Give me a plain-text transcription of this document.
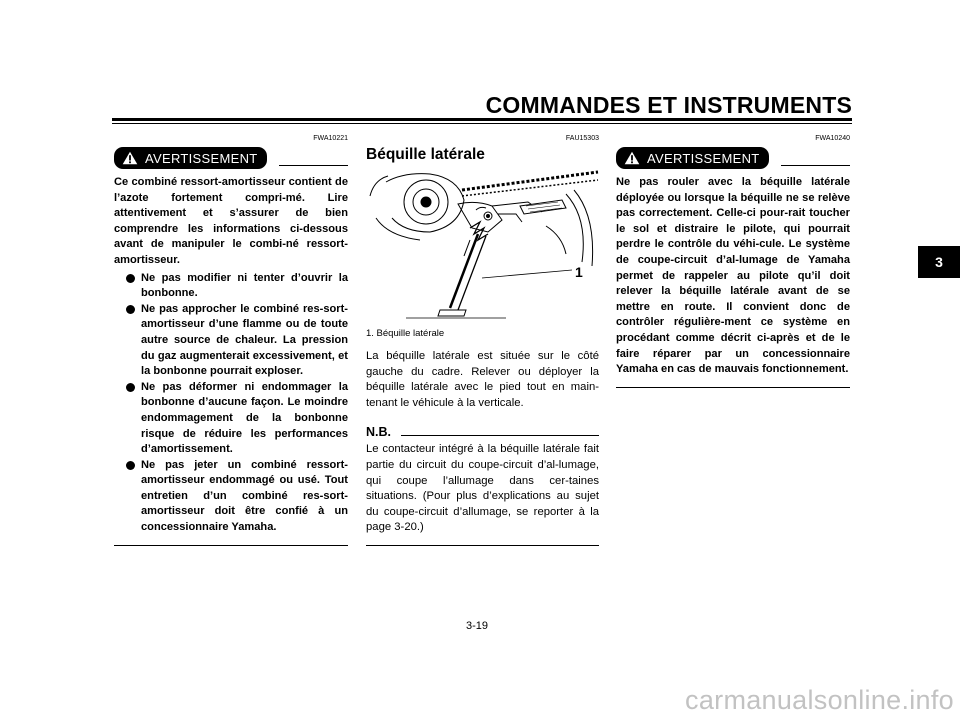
COMMANDES ET INSTRUMENTS
3
FWA10221
AVERTISSEMENT

Ce combiné ressort-amortisseur contient de l’azote fortement compri-mé. Lire attentivement et s’assurer de bien comprendre les informations ci-dessous avant de manipuler le combi-né ressort-amortisseur.

Ne pas modifier ni tenter d’ouvrir la bonbonne.
Ne pas approcher le combiné res-sort-amortisseur d’une flamme ou de toute autre source de chaleur. La pression du gaz augmenterait excessivement, et la bonbonne pourrait exploser.
Ne pas déformer ni endommager la bonbonne d’aucune façon. Le moindre endommagement de la bonbonne risque de réduire les performances d’amortissement.
Ne pas jeter un combiné ressort-amortisseur endommagé ou usé. Tout entretien d’un combiné res-sort-amortisseur doit être confié à un concessionnaire Yamaha.
FAU15303
Béquille latérale
1

1. Béquille latérale

La béquille latérale est située sur le côté gauche du cadre. Relever ou déployer la béquille latérale avec le pied tout en main-tenant le véhicule à la verticale.

N.B.

Le contacteur intégré à la béquille latérale fait partie du circuit du coupe-circuit d’al-lumage, qui coupe l’allumage dans cer-taines situations. (Pour plus d’explications au sujet du coupe-circuit d’allumage, se reporter à la page 3-20.)

FWA10240
AVERTISSEMENT

Ne pas rouler avec la béquille latérale déployée ou lorsque la béquille ne se relève pas correctement. Celle-ci pour-rait toucher le sol et distraire le pilote, qui pourrait perdre le contrôle du véhi-cule. Le système de coupe-circuit d’al-lumage de Yamaha permet de rappeler au pilote qu’il doit relever la béquille latérale avant de se mettre en route. Il convient donc de contrôler régulière-ment ce système en procédant comme décrit ci-après et de le faire réparer par un concessionnaire Yamaha en cas de mauvais fonctionnement.

3-19
carmanualsonline.info
